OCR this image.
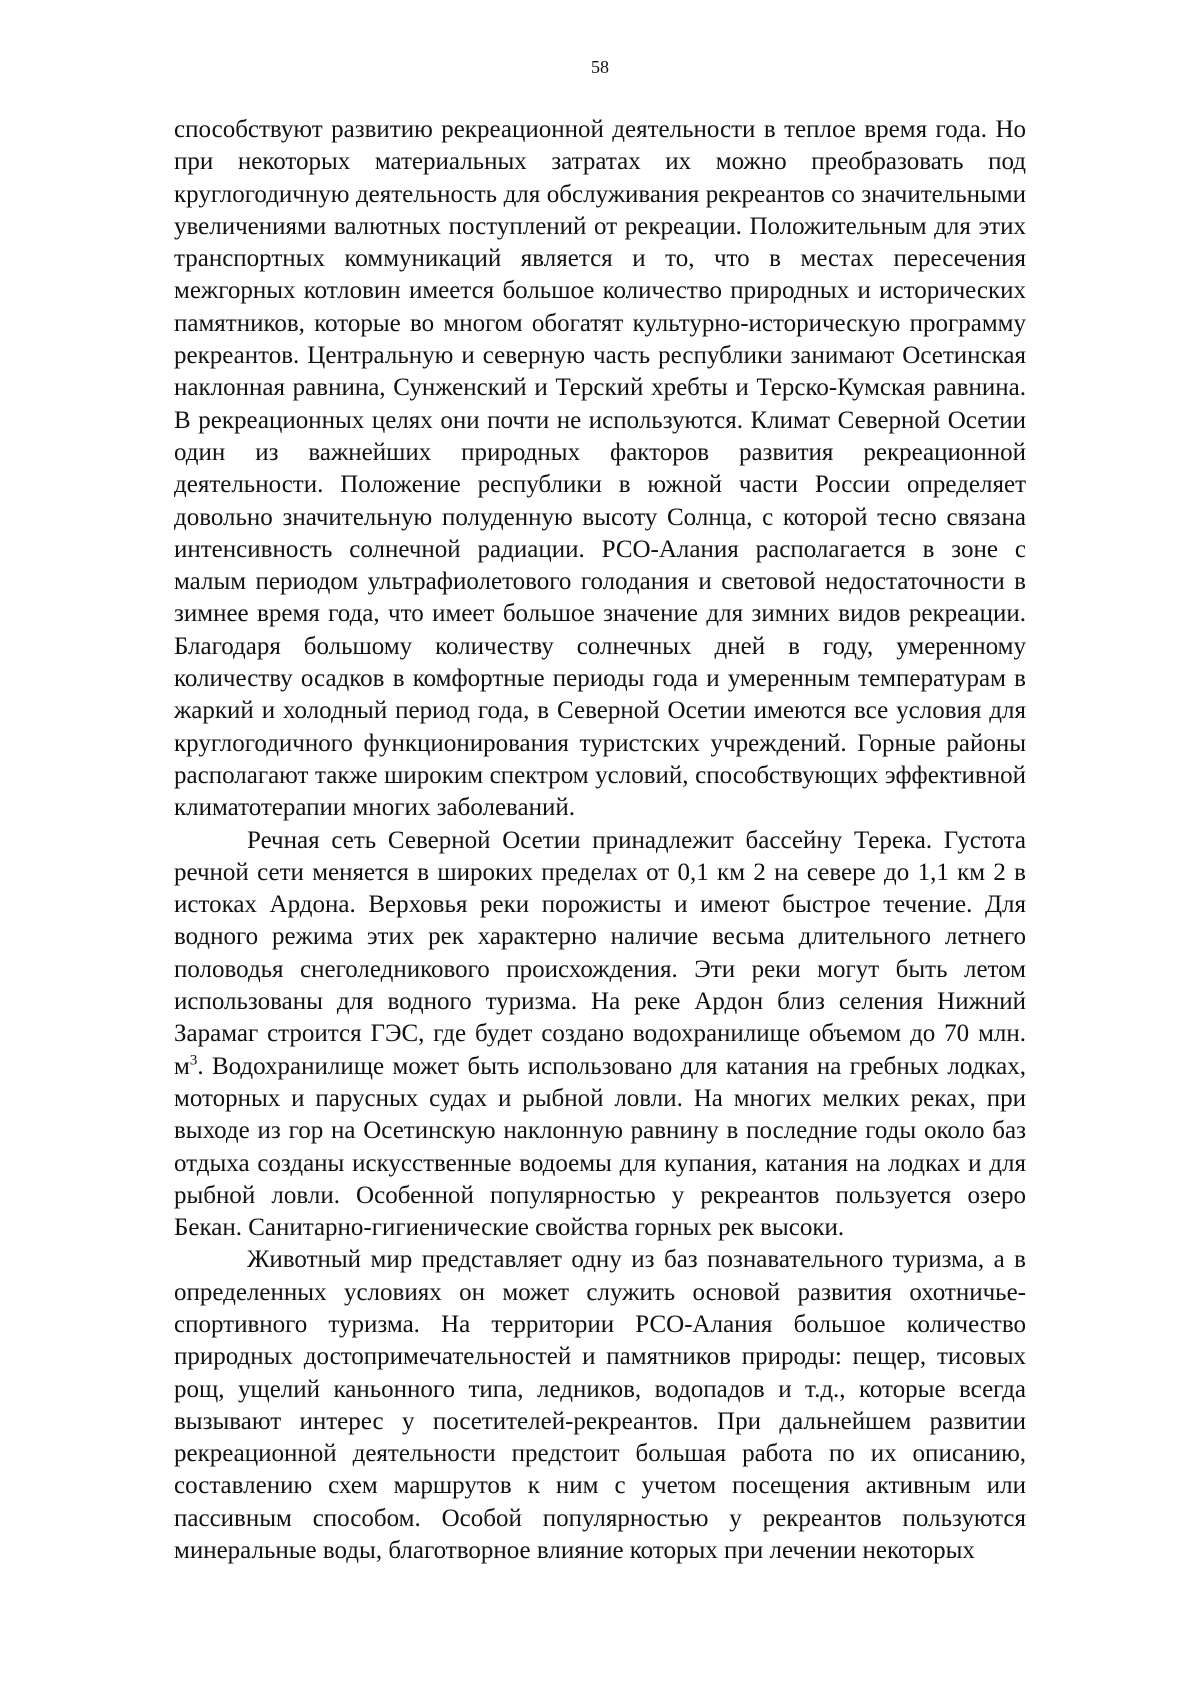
58

способствуют развитию рекреационной деятельности в теплое время года. Но при некоторых материальных затратах их можно преобразовать под круглогодичную деятельность для обслуживания рекреантов со значительными увеличениями валютных поступлений от рекреации. Положительным для этих транспортных коммуникаций является и то, что в местах пересечения межгорных котловин имеется большое количество природных и исторических памятников, которые во многом обогатят культурно-историческую программу рекреантов. Центральную и северную часть республики занимают Осетинская наклонная равнина, Сунженский и Терский хребты и Терско-Кумская равнина. В рекреационных целях они почти не используются. Климат Северной Осетии один из важнейших природных факторов развития рекреационной деятельности. Положение республики в южной части России определяет довольно значительную полуденную высоту Солнца, с которой тесно связана интенсивность солнечной радиации. РСО-Алания располагается в зоне с малым периодом ультрафиолетового голодания и световой недостаточности в зимнее время года, что имеет большое значение для зимних видов рекреации. Благодаря большому количеству солнечных дней в году, умеренному количеству осадков в комфортные периоды года и умеренным температурам в жаркий и холодный период года, в Северной Осетии имеются все условия для круглогодичного функционирования туристских учреждений. Горные районы располагают также широким спектром условий, способствующих эффективной климатотерапии многих заболеваний.

Речная сеть Северной Осетии принадлежит бассейну Терека. Густота речной сети меняется в широких пределах от 0,1 км 2 на севере до 1,1 км 2 в истоках Ардона. Верховья реки порожисты и имеют быстрое течение. Для водного режима этих рек характерно наличие весьма длительного летнего половодья снеголедникового происхождения. Эти реки могут быть летом использованы для водного туризма. На реке Ардон близ селения Нижний Зарамаг строится ГЭС, где будет создано водохранилище объемом до 70 млн. $м^3$. Водохранилище может быть использовано для катания на гребных лодках, моторных и парусных судах и рыбной ловли. На многих мелких реках, при выходе из гор на Осетинскую наклонную равнину в последние годы около баз отдыха созданы искусственные водоемы для купания, катания на лодках и для рыбной ловли. Особенной популярностью у рекреантов пользуется озеро Бекан. Санитарно-гигиенические свойства горных рек высоки.

Животный мир представляет одну из баз познавательного туризма, а в определенных условиях он может служить основой развития охотничье-спортивного туризма. На территории РСО-Алания большое количество природных достопримечательностей и памятников природы: пещер, тисовых рощ, ущелий каньонного типа, ледников, водопадов и т.д., которые всегда вызывают интерес у посетителей-рекреантов. При дальнейшем развитии рекреационной деятельности предстоит большая работа по их описанию, составлению схем маршрутов к ним с учетом посещения активным или пассивным способом. Особой популярностью у рекреантов пользуются минеральные воды, благотворное влияние которых при лечении некоторых
